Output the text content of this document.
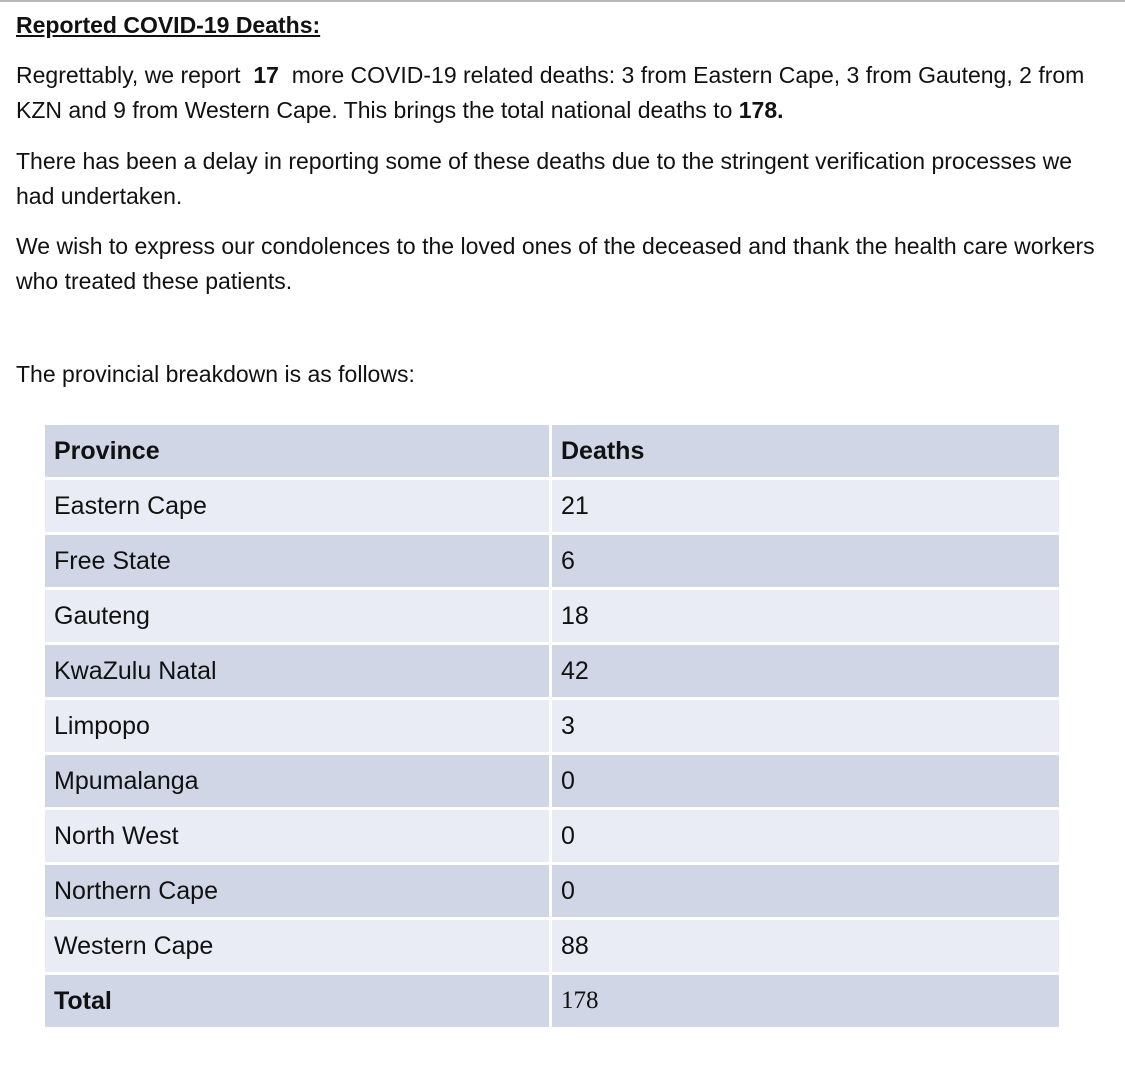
Reported COVID-19 Deaths:

Regrettably, we report  17  more COVID-19 related deaths: 3 from Eastern Cape, 3 from Gauteng, 2 from KZN and 9 from Western Cape. This brings the total national deaths to 178.

There has been a delay in reporting some of these deaths due to the stringent verification processes we had undertaken.

We wish to express our condolences to the loved ones of the deceased and thank the health care workers who treated these patients.

The provincial breakdown is as follows:

Province	Deaths
Eastern Cape	21
Free State	6
Gauteng	18
KwaZulu Natal	42
Limpopo	3
Mpumalanga	0
North West	0
Northern Cape	0
Western Cape	88
Total	178
